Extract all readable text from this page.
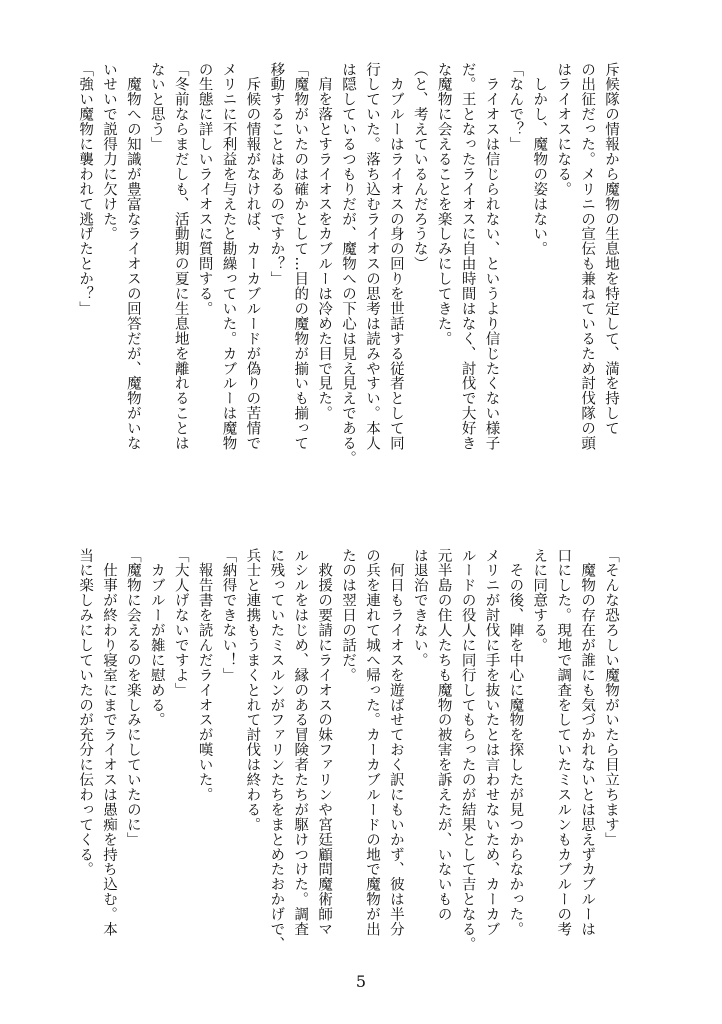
斥候隊の情報から魔物の生息地を特定して、満を持して
の出征だった。メリニの宣伝も兼ねているため討伐隊の頭
はライオスになる。
　しかし、魔物の姿はない。
「なんで？」
　ライオスは信じられない、というより信じたくない様子
だ。王となったライオスに自由時間はなく、討伐で大好き
な魔物に会えることを楽しみにしてきた。
（と、考えているんだろうな）
　カブルーはライオスの身の回りを世話する従者として同
行していた。落ち込むライオスの思考は読みやすい。本人
は隠しているつもりだが、魔物への下心は見え見えである。
　肩を落とすライオスをカブルーは冷めた目で見た。
「魔物がいたのは確かとして…目的の魔物が揃いも揃って
移動することはあるのですか？」
　斥候の情報がなければ、カーカブルードが偽りの苦情で
メリニに不利益を与えたと勘繰っていた。カブルーは魔物
の生態に詳しいライオスに質問する。
「冬前ならまだしも、活動期の夏に生息地を離れることは
ないと思う」
　魔物への知識が豊富なライオスの回答だが、魔物がいな
いせいで説得力に欠けた。
「強い魔物に襲われて逃げたとか？」
「そんな恐ろしい魔物がいたら目立ちます」
　魔物の存在が誰にも気づかれないとは思えずカブルーは
口にした。現地で調査をしていたミスルンもカブルーの考
えに同意する。
　その後、陣を中心に魔物を探したが見つからなかった。
メリニが討伐に手を抜いたとは言わせないため、カーカブ
ルードの役人に同行してもらったのが結果として吉となる。
元半島の住人たちも魔物の被害を訴えたが、いないもの
は退治できない。
　何日もライオスを遊ばせておく訳にもいかず、彼は半分
の兵を連れて城へ帰った。カーカブルードの地で魔物が出
たのは翌日の話だ。
　救援の要請にライオスの妹ファリンや宮廷顧問魔術師マ
ルシルをはじめ、縁のある冒険者たちが駆けつけた。調査
に残っていたミスルンがファリンたちをまとめたおかげで、
兵士と連携もうまくとれて討伐は終わる。
「納得できない！」
　報告書を読んだライオスが嘆いた。
「大人げないですよ」
　カブルーが雑に慰める。
「魔物に会えるのを楽しみにしていたのに」
　仕事が終わり寝室にまでライオスは愚痴を持ち込む。本
当に楽しみにしていたのが充分に伝わってくる。
5
